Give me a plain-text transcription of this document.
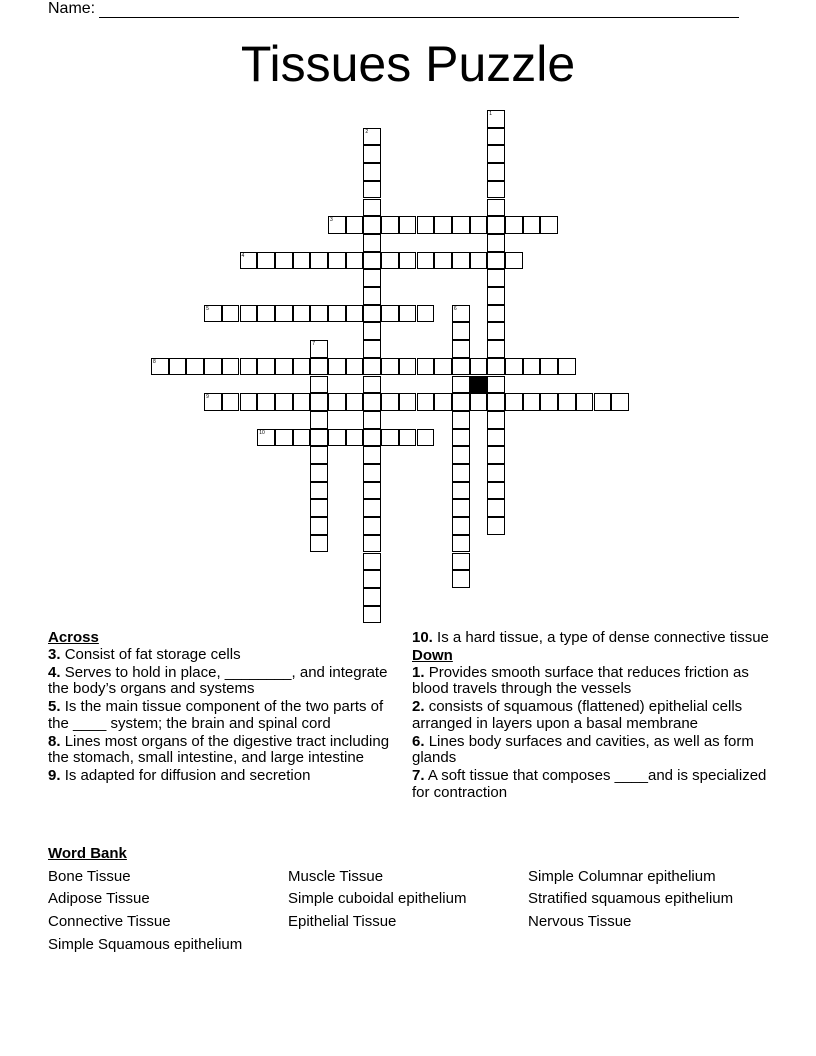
Name:
Tissues Puzzle
1
2
3
4
5	6
7
8
9
10
Across
3. Consist of fat storage cells
4. Serves to hold in place, ________, and integrate the body’s organs and systems
5. Is the main tissue component of the two parts of the ____ system; the brain and spinal cord
8. Lines most organs of the digestive tract including the stomach, small intestine, and large intestine
9. Is adapted for diffusion and secretion
10. Is a hard tissue, a type of dense connective tissue
Down
1. Provides smooth surface that reduces friction as blood travels through the vessels
2. consists of squamous (flattened) epithelial cells arranged in layers upon a basal membrane
6. Lines body surfaces and cavities, as well as form glands
7. A soft tissue that composes ____and is specialized for contraction
Word Bank
Bone Tissue	Muscle Tissue	Simple Columnar epithelium
Adipose Tissue	Simple cuboidal epithelium	Stratified squamous epithelium
Connective Tissue	Epithelial Tissue	Nervous Tissue
Simple Squamous epithelium
